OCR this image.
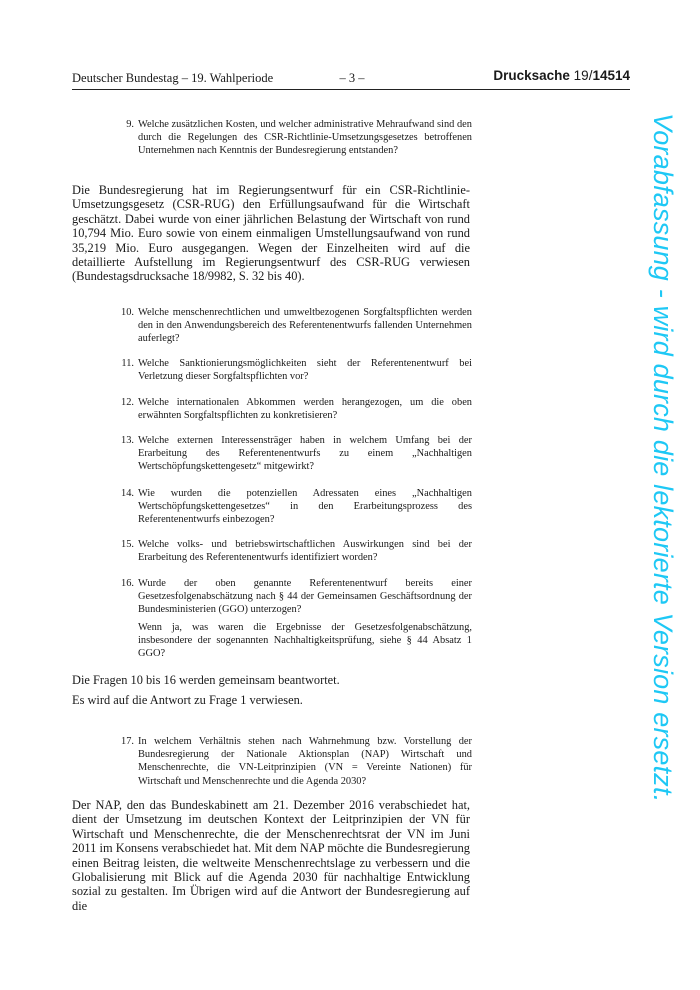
Deutscher Bundestag – 19. Wahlperiode	– 3 –	Drucksache 19/14514
9. Welche zusätzlichen Kosten, und welcher administrative Mehraufwand sind den durch die Regelungen des CSR-Richtlinie-Umsetzungsgesetzes betroffenen Unternehmen nach Kenntnis der Bundesregierung entstanden?
Die Bundesregierung hat im Regierungsentwurf für ein CSR-Richtlinie-Umsetzungsgesetz (CSR-RUG) den Erfüllungsaufwand für die Wirtschaft geschätzt. Dabei wurde von einer jährlichen Belastung der Wirtschaft von rund 10,794 Mio. Euro sowie von einem einmaligen Umstellungsaufwand von rund 35,219 Mio. Euro ausgegangen. Wegen der Einzelheiten wird auf die detaillierte Aufstellung im Regierungsentwurf des CSR-RUG verwiesen (Bundestagsdrucksache 18/9982, S. 32 bis 40).
10. Welche menschenrechtlichen und umweltbezogenen Sorgfaltspflichten werden den in den Anwendungsbereich des Referentenentwurfs fallenden Unternehmen auferlegt?
11. Welche Sanktionierungsmöglichkeiten sieht der Referentenentwurf bei Verletzung dieser Sorgfaltspflichten vor?
12. Welche internationalen Abkommen werden herangezogen, um die oben erwähnten Sorgfaltspflichten zu konkretisieren?
13. Welche externen Interessensträger haben in welchem Umfang bei der Erarbeitung des Referentenentwurfs zu einem „Nachhaltigen Wertschöpfungskettengesetz“ mitgewirkt?
14. Wie wurden die potenziellen Adressaten eines „Nachhaltigen Wertschöpfungskettengesetzes“ in den Erarbeitungsprozess des Referentenentwurfs einbezogen?
15. Welche volks- und betriebswirtschaftlichen Auswirkungen sind bei der Erarbeitung des Referentenentwurfs identifiziert worden?
16. Wurde der oben genannte Referentenentwurf bereits einer Gesetzesfolgenabschätzung nach § 44 der Gemeinsamen Geschäftsordnung der Bundesministerien (GGO) unterzogen?
Wenn ja, was waren die Ergebnisse der Gesetzesfolgenabschätzung, insbesondere der sogenannten Nachhaltigkeitsprüfung, siehe § 44 Absatz 1 GGO?
Die Fragen 10 bis 16 werden gemeinsam beantwortet.
Es wird auf die Antwort zu Frage 1 verwiesen.
17. In welchem Verhältnis stehen nach Wahrnehmung bzw. Vorstellung der Bundesregierung der Nationale Aktionsplan (NAP) Wirtschaft und Menschenrechte, die VN-Leitprinzipien (VN = Vereinte Nationen) für Wirtschaft und Menschenrechte und die Agenda 2030?
Der NAP, den das Bundeskabinett am 21. Dezember 2016 verabschiedet hat, dient der Umsetzung im deutschen Kontext der Leitprinzipien der VN für Wirtschaft und Menschenrechte, die der Menschenrechtsrat der VN im Juni 2011 im Konsens verabschiedet hat. Mit dem NAP möchte die Bundesregierung einen Beitrag leisten, die weltweite Menschenrechtslage zu verbessern und die Globalisierung mit Blick auf die Agenda 2030 für nachhaltige Entwicklung sozial zu gestalten. Im Übrigen wird auf die Antwort der Bundesregierung auf die
Vorabfassung - wird durch die lektorierte Version ersetzt.
